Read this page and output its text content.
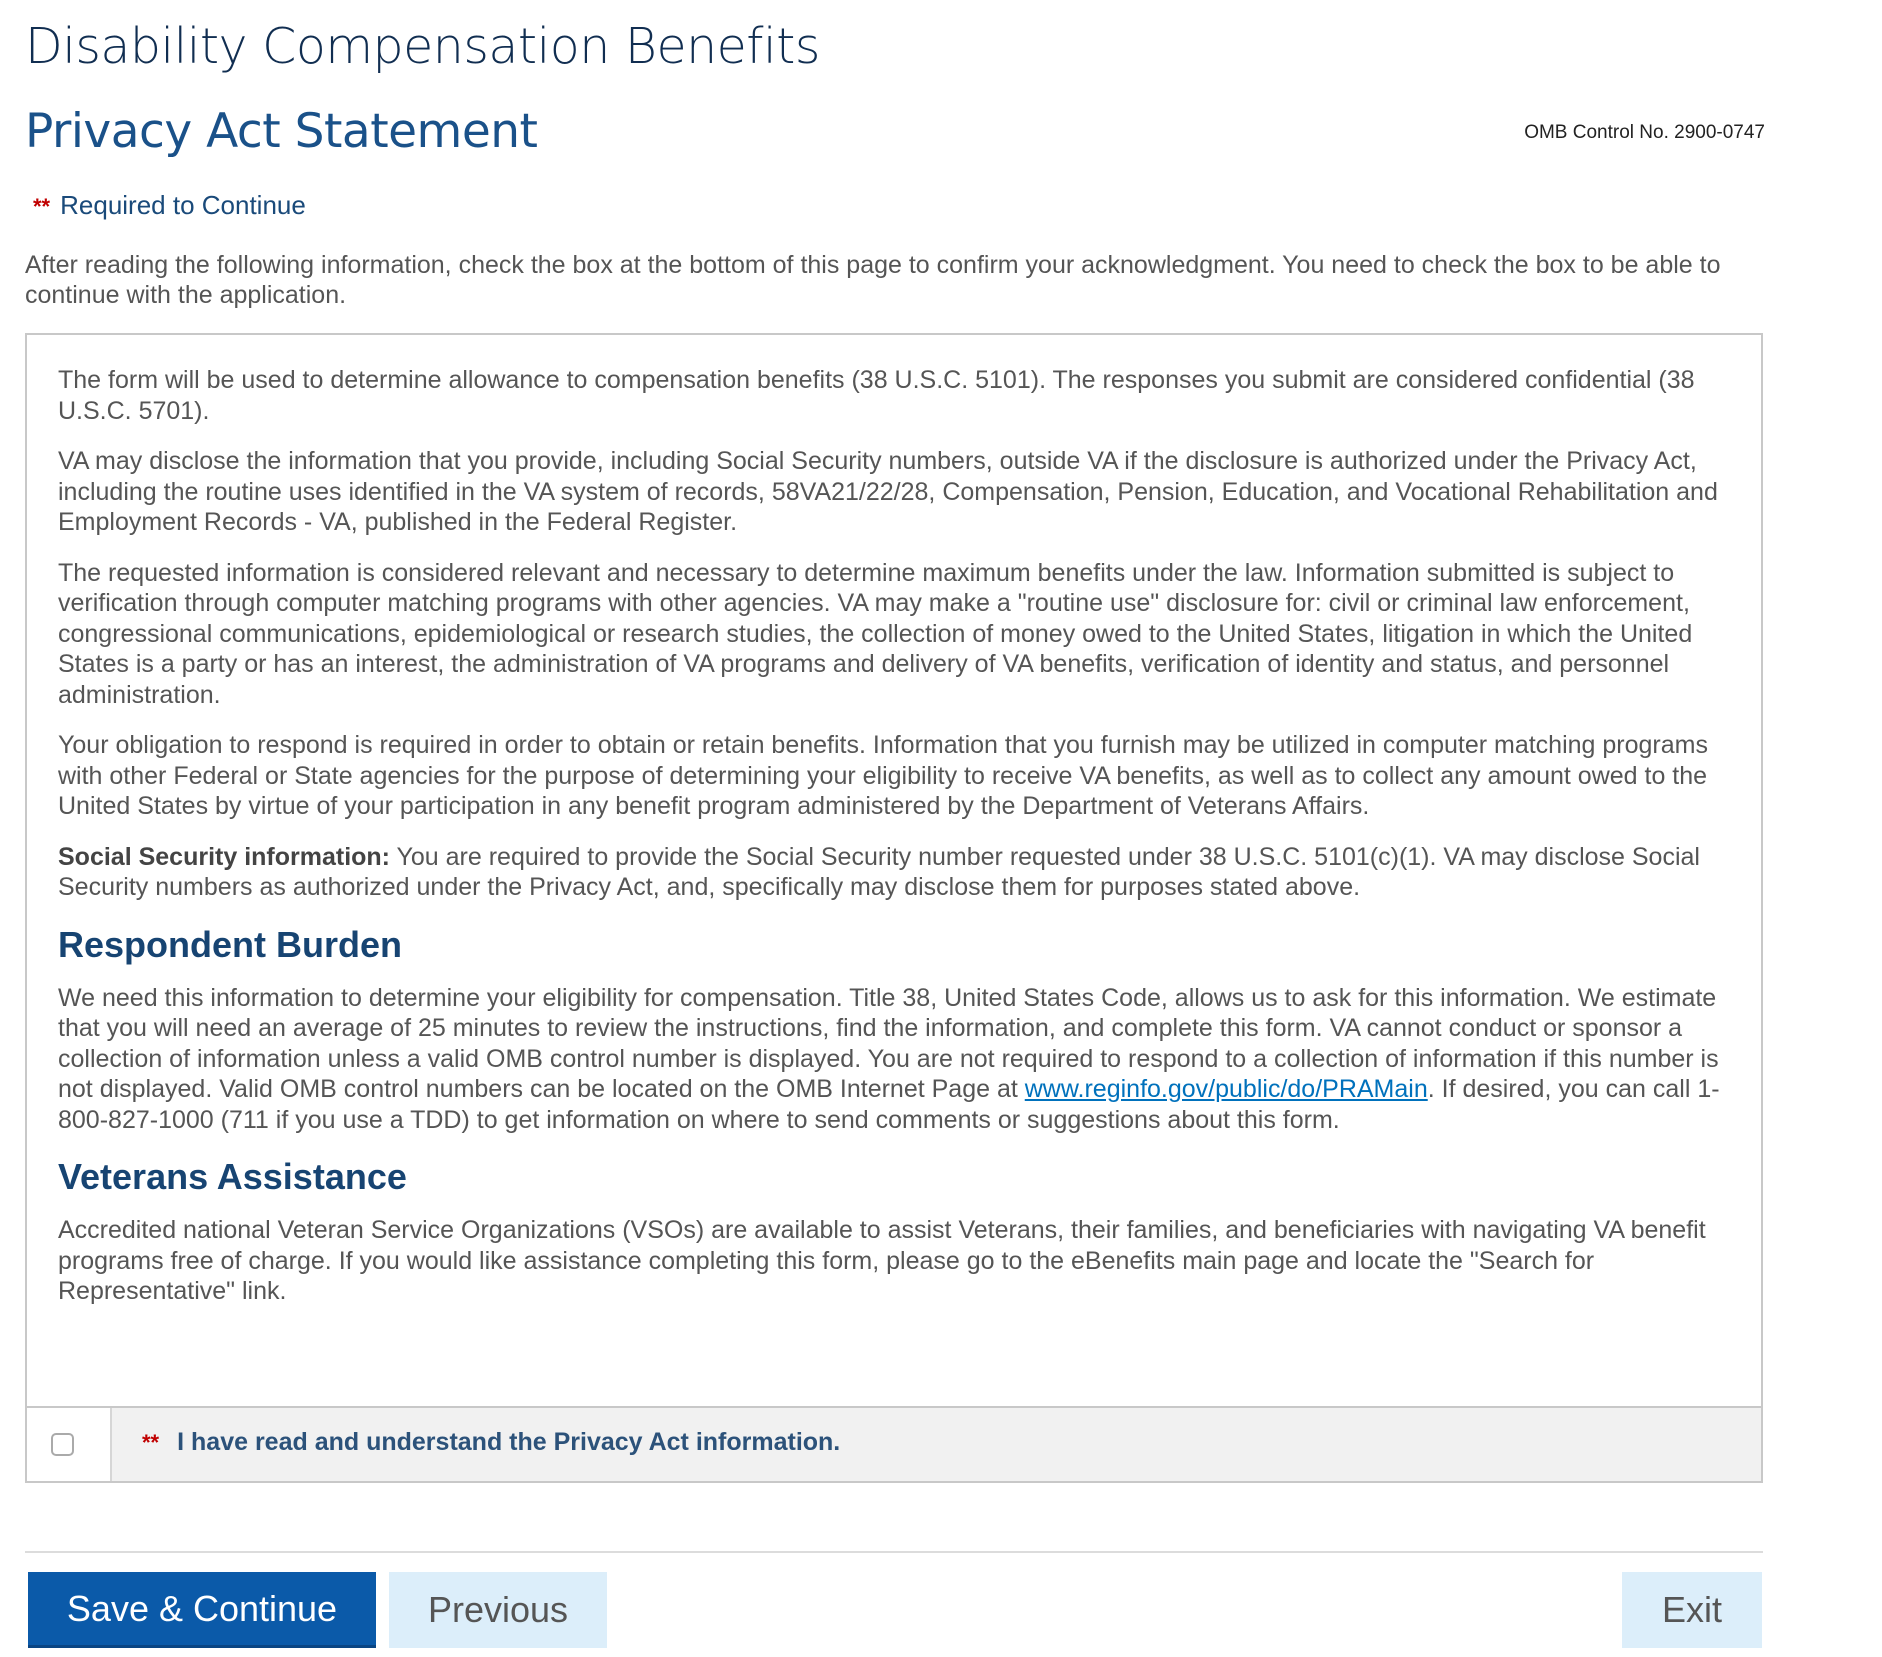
Disability Compensation Benefits
Privacy Act Statement	OMB Control No. 2900-0747
** Required to Continue

After reading the following information, check the box at the bottom of this page to confirm your acknowledgment. You need to check the box to be able to continue with the application.

The form will be used to determine allowance to compensation benefits (38 U.S.C. 5101). The responses you submit are considered confidential (38 U.S.C. 5701).

VA may disclose the information that you provide, including Social Security numbers, outside VA if the disclosure is authorized under the Privacy Act, including the routine uses identified in the VA system of records, 58VA21/22/28, Compensation, Pension, Education, and Vocational Rehabilitation and Employment Records - VA, published in the Federal Register.

The requested information is considered relevant and necessary to determine maximum benefits under the law. Information submitted is subject to verification through computer matching programs with other agencies. VA may make a "routine use" disclosure for: civil or criminal law enforcement, congressional communications, epidemiological or research studies, the collection of money owed to the United States, litigation in which the United States is a party or has an interest, the administration of VA programs and delivery of VA benefits, verification of identity and status, and personnel administration.

Your obligation to respond is required in order to obtain or retain benefits. Information that you furnish may be utilized in computer matching programs with other Federal or State agencies for the purpose of determining your eligibility to receive VA benefits, as well as to collect any amount owed to the United States by virtue of your participation in any benefit program administered by the Department of Veterans Affairs.

Social Security information: You are required to provide the Social Security number requested under 38 U.S.C. 5101(c)(1). VA may disclose Social Security numbers as authorized under the Privacy Act, and, specifically may disclose them for purposes stated above.

Respondent Burden

We need this information to determine your eligibility for compensation. Title 38, United States Code, allows us to ask for this information. We estimate that you will need an average of 25 minutes to review the instructions, find the information, and complete this form. VA cannot conduct or sponsor a collection of information unless a valid OMB control number is displayed. You are not required to respond to a collection of information if this number is not displayed. Valid OMB control numbers can be located on the OMB Internet Page at www.reginfo.gov/public/do/PRAMain. If desired, you can call 1-800-827-1000 (711 if you use a TDD) to get information on where to send comments or suggestions about this form.

Veterans Assistance

Accredited national Veteran Service Organizations (VSOs) are available to assist Veterans, their families, and beneficiaries with navigating VA benefit programs free of charge. If you would like assistance completing this form, please go to the eBenefits main page and locate the "Search for Representative" link.

** I have read and understand the Privacy Act information.
Save & Continue	Previous	Exit
